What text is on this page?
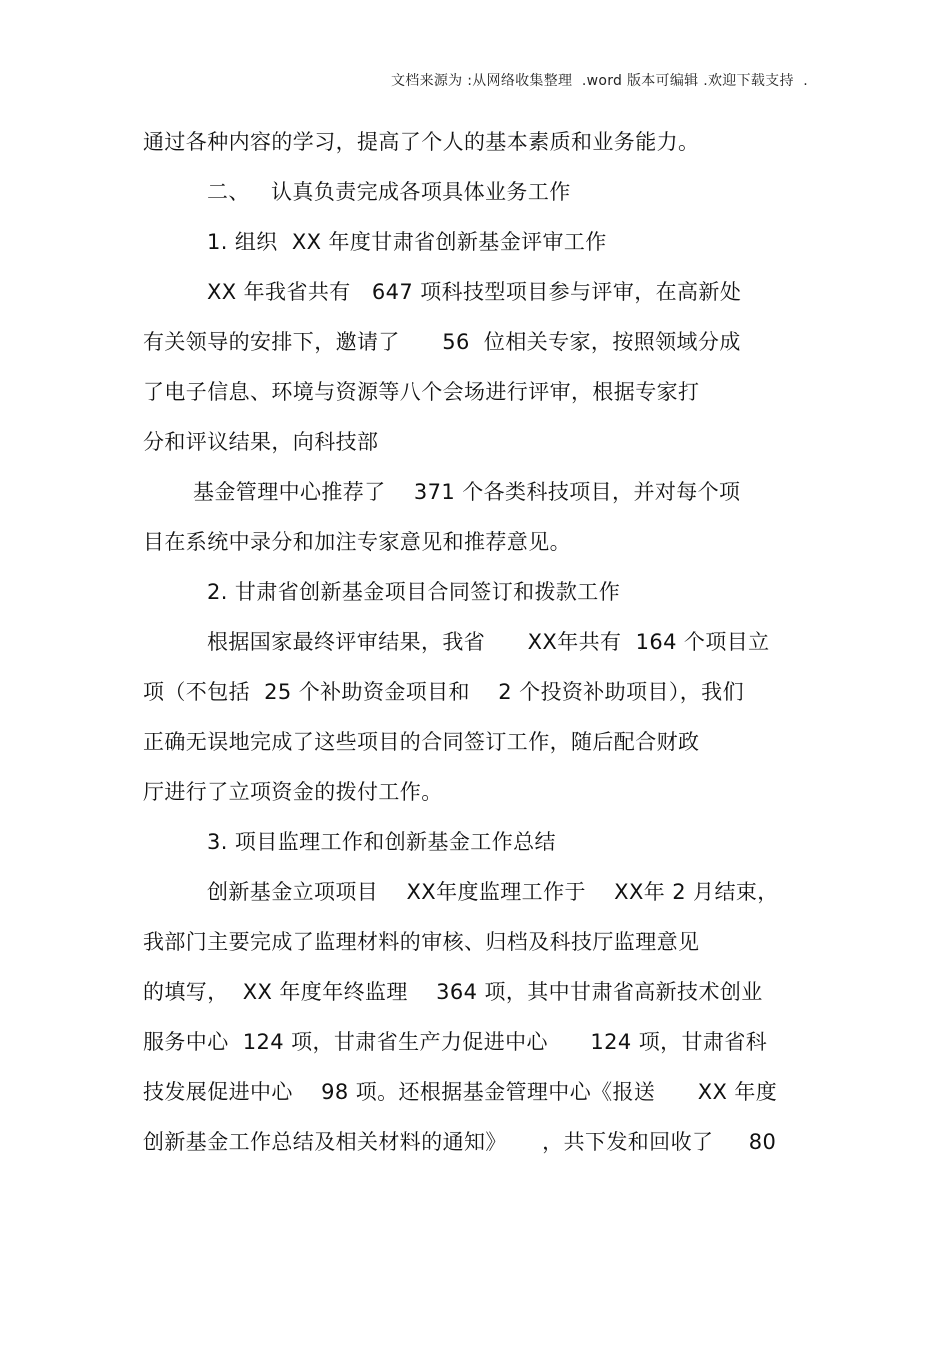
文档来源为 :从网络收集整理  .word 版本可编辑 .欢迎下载支持  .
通过各种内容的学习，提高了个人的基本素质和业务能力。
二、   认真负责完成各项具体业务工作
1. 组织  XX 年度甘肃省创新基金评审工作
XX 年我省共有   647 项科技型项目参与评审，在高新处
有关领导的安排下，邀请了      56  位相关专家，按照领域分成
了电子信息、环境与资源等八个会场进行评审，根据专家打
分和评议结果，向科技部
基金管理中心推荐了    371 个各类科技项目，并对每个项
目在系统中录分和加注专家意见和推荐意见。
2. 甘肃省创新基金项目合同签订和拨款工作
根据国家最终评审结果，我省      XX年共有  164 个项目立
项（不包括  25 个补助资金项目和    2 个投资补助项目），我们
正确无误地完成了这些项目的合同签订工作，随后配合财政
厅进行了立项资金的拨付工作。
3. 项目监理工作和创新基金工作总结
创新基金立项项目    XX年度监理工作于    XX年 2 月结束，
我部门主要完成了监理材料的审核、归档及科技厅监理意见
的填写，  XX 年度年终监理    364 项，其中甘肃省高新技术创业
服务中心  124 项，甘肃省生产力促进中心      124 项，甘肃省科
技发展促进中心    98 项。还根据基金管理中心《报送      XX 年度
创新基金工作总结及相关材料的通知》     ，共下发和回收了     80
